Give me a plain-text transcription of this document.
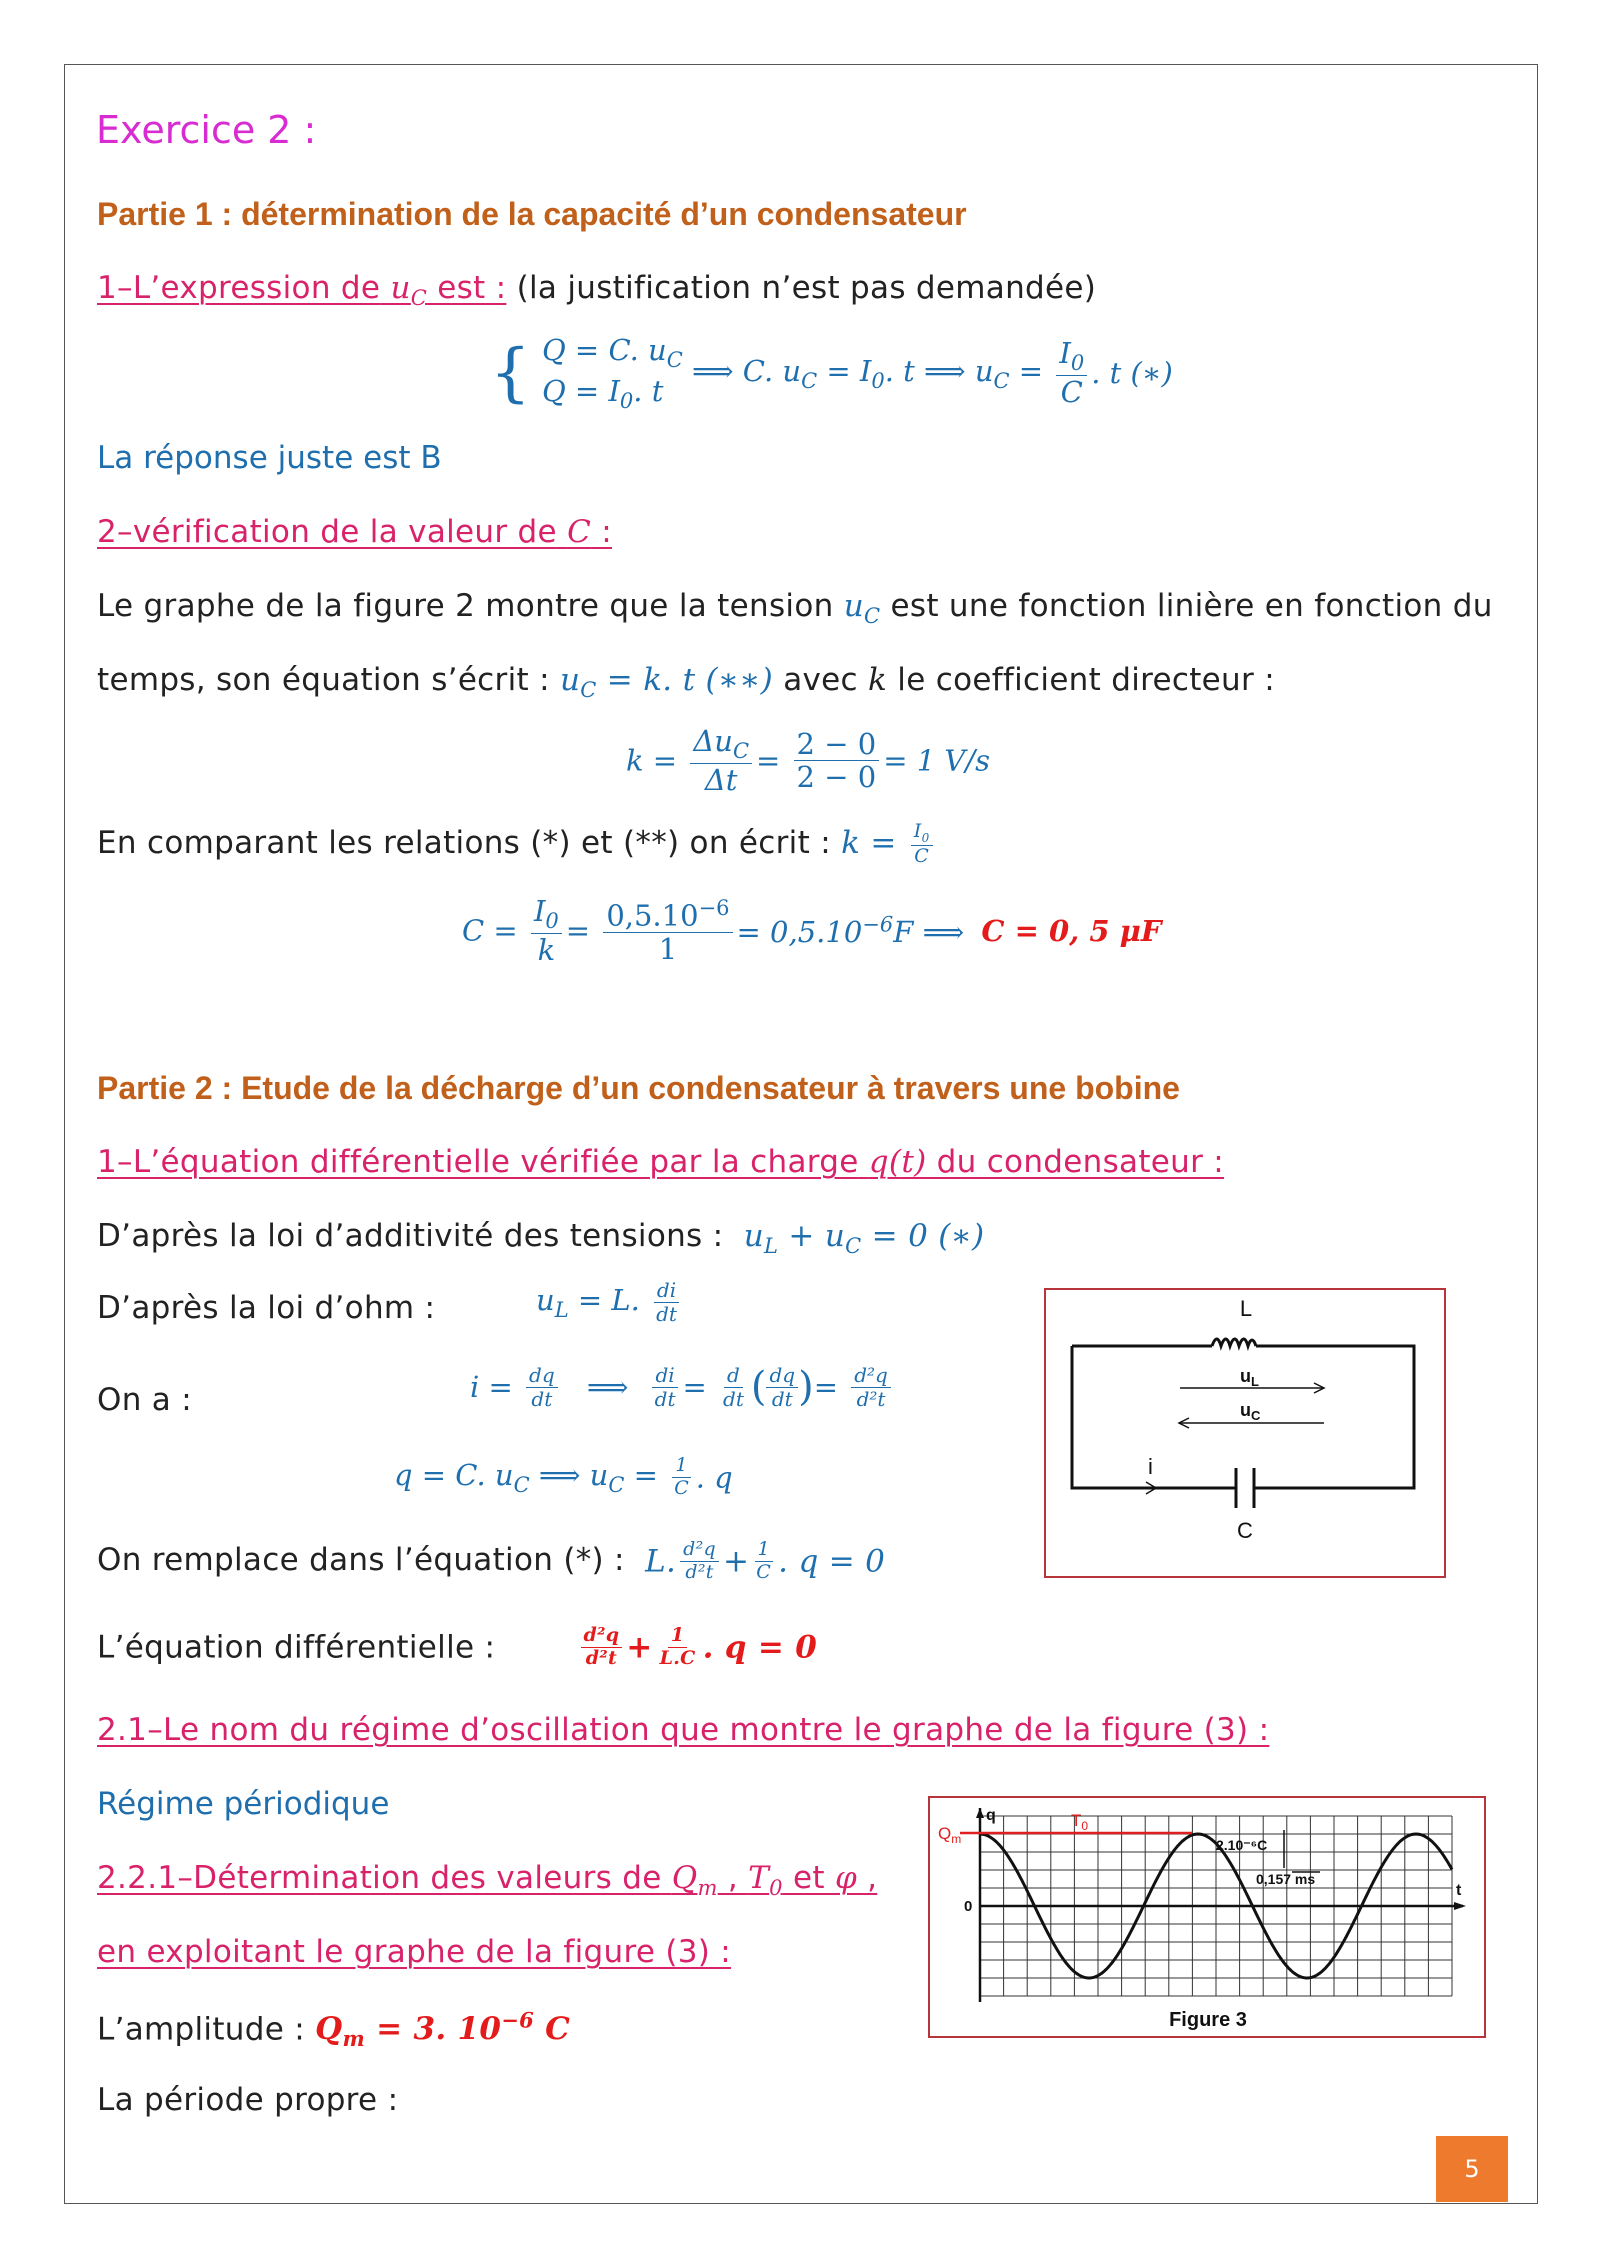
Exercice 2 :
Partie 1 : détermination de la capacité d’un condensateur
1–L’expression de $u_C$ est : (la justification n’est pas demandée)
{ Q = C. $u_C$
$Q = I_0$. t ⟹ C. $u_C = I_0$. t ⟹ $u_C = \frac{I_0}{C}$ . t (∗)
La réponse juste est B
2–vérification de la valeur de C :
Le graphe de la figure 2 montre que la tension $u_C$ est une fonction linière en fonction du
temps, son équation s’écrit : $u_C = k$. t (∗∗) avec k le coefficient directeur :
k =
$\Delta u_C$
Δt
= $\frac{2 - 0}{2 - 0} = 1$ V/s
En comparant les relations (*) et (**) on écrit : $k = \frac{I_0}{C}$
$C = \frac{I_0}{k} = \frac{0,5.10^{-6}}{1} = 0,5.10^{-6}F$ ⟹ C = 0, 5 μF
Partie 2 : Etude de la décharge d’un condensateur à travers une bobine
1–L’équation différentielle vérifiée par la charge q(t) du condensateur :
D’après la loi d’additivité des tensions : $u_L + u_C = 0$ (∗)
D’après la loi d’ohm :	$u_L = L$. $\frac{di}{dt}$
On a :	$i = \frac{dq}{dt}$ ⟹ $\frac{di}{dt} = \frac{d}{dt}$ ( $\frac{dq}{dt}$ )= $\frac{\text{d²q}}{\text{d²t}}$
q = C. $u_C$ ⟹ $u_C = \frac{1}{C}$ . q
On remplace dans l’équation (*) : L. $\frac{\text{d²q}}{\text{d²t}} + \frac{1}{C}$ . q = 0
L’équation différentielle :	$\frac{\text{d²q}}{\text{d²t}} + \frac{1}{L.C}$ . q = 0
2.1–Le nom du régime d’oscillation que montre le graphe de la figure (3) :
Régime périodique
2.2.1–Détermination des valeurs de $Q_m$ , $T_0$ et φ ,
en exploitant le graphe de la figure (3) :
L’amplitude : $Q_m = 3$. $10^{-6}$ C
La période propre :
L
$u_L$
$u_C$
i
C
q	$T_0$
$Q_m$
0
t
2.10⁻⁶C
0,157 ms
Figure 3
5
